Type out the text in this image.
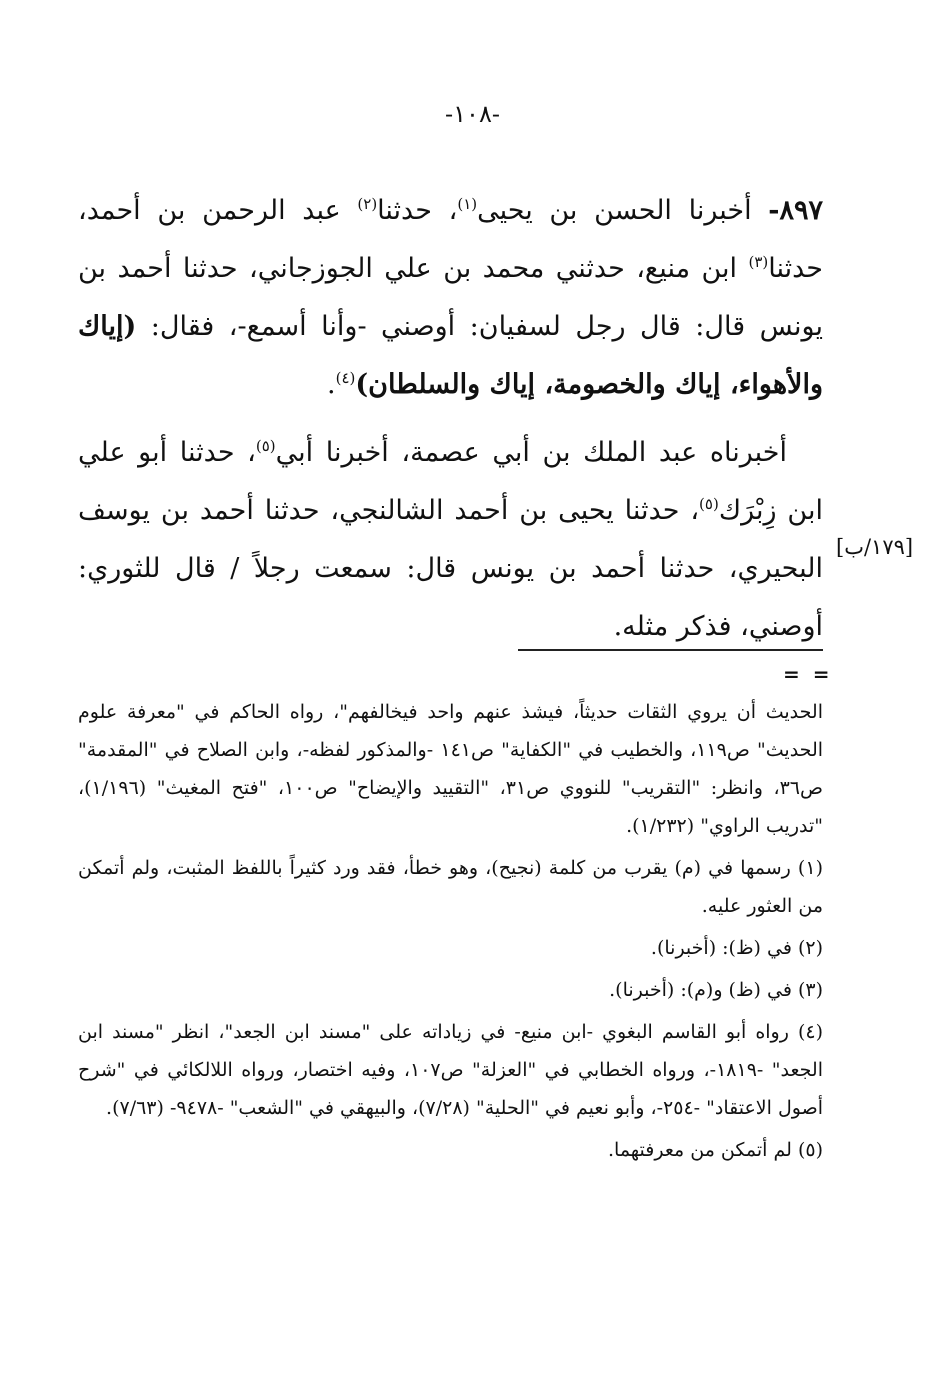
-١٠٨-

٨٩٧- أخبرنا الحسن بن يحيى$^{(١)}$، حدثنا$^{(٢)}$ عبد الرحمن بن أحمد، حدثنا$^{(٣)}$ ابن منيع، حدثني محمد بن علي الجوزجاني، حدثنا أحمد بن يونس قال: قال رجل لسفيان: أوصني -وأنا أسمع-، فقال: (إياك والأهواء، إياك والخصومة، إياك والسلطان)$^{(٤)}$.

أخبرناه عبد الملك بن أبي عصمة، أخبرنا أبي$^{(٥)}$، حدثنا أبو علي ابن زِبْرَك$^{(٥)}$، حدثنا يحيى بن أحمد الشالنجي، حدثنا أحمد بن يوسف البحيري، حدثنا أحمد بن يونس قال: سمعت رجلاً / قال للثوري: أوصني، فذكر مثله.

[١٧٩/ب]
= =

الحديث أن يروي الثقات حديثاً، فيشذ عنهم واحد فيخالفهم"، رواه الحاكم في "معرفة علوم الحديث" ص١١٩، والخطيب في "الكفاية" ص١٤١ -والمذكور لفظه-، وابن الصلاح في "المقدمة" ص٣٦، وانظر: "التقريب" للنووي ص٣١، "التقييد والإيضاح" ص١٠٠، "فتح المغيث" (١/١٩٦)، "تدريب الراوي" (١/٢٣٢).

(١) رسمها في (م) يقرب من كلمة (نجيح)، وهو خطأ، فقد ورد كثيراً باللفظ المثبت، ولم أتمكن من العثور عليه.

(٢) في (ظ): (أخبرنا).

(٣) في (ظ) و(م): (أخبرنا).

(٤) رواه أبو القاسم البغوي -ابن منيع- في زياداته على "مسند ابن الجعد"، انظر "مسند ابن الجعد" -١٨١٩-، ورواه الخطابي في "العزلة" ص١٠٧، وفيه اختصار، ورواه اللالكائي في "شرح أصول الاعتقاد" -٢٥٤-، وأبو نعيم في "الحلية" (٧/٢٨)، والبيهقي في "الشعب" -٩٤٧٨- (٧/٦٣).

(٥) لم أتمكن من معرفتهما.
